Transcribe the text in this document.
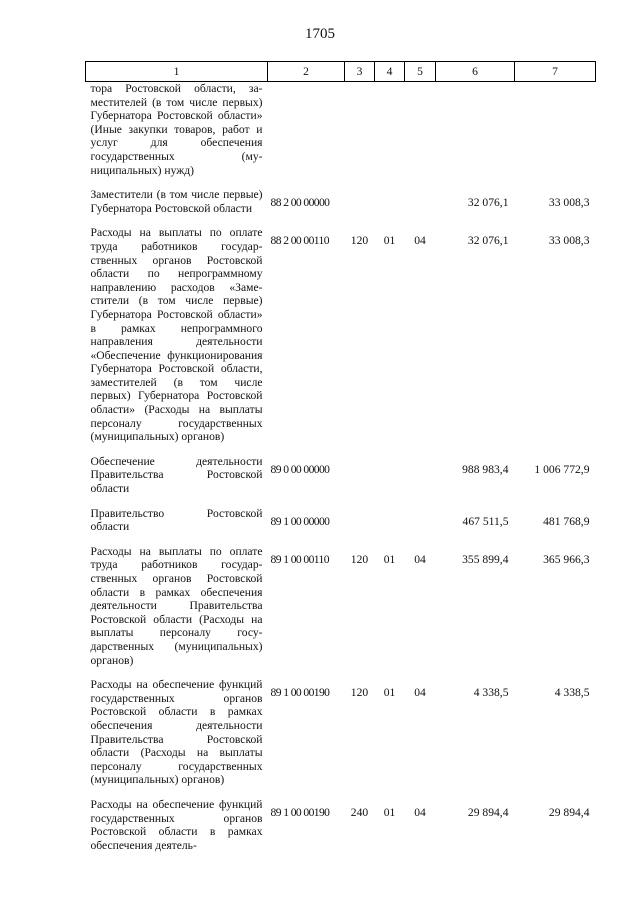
1705
1	2	3	4	5	6	7
тора Ростовской области, заместителей (в том числе первых) Губернатора Ростовской области» (Иные закупки товаров, работ и услуг для обеспечения государственных (муниципальных) нужд)						
Заместители (в том числе первые) Губернатора Ростовской области	88 2 00 00000				32 076,1	33 008,3
Расходы на выплаты по оплате труда работников государственных органов Ростовской области по непрограммному направлению расходов «Заместители (в том числе первые) Губернатора Ростовской области» в рамках непрограммного направления деятельности «Обеспечение функционирования Губернатора Ростовской области, заместителей (в том числе первых) Губернатора Ростовской области» (Расходы на выплаты персоналу государственных (муниципальных) органов)	88 2 00 00110	120	01	04	32 076,1	33 008,3
Обеспечение деятельности Правительства Ростовской области	89 0 00 00000				988 983,4	1 006 772,9
Правительство Ростовской области	89 1 00 00000				467 511,5	481 768,9
Расходы на выплаты по оплате труда работников государственных органов Ростовской области в рамках обеспечения деятельности Правительства Ростовской области (Расходы на выплаты персоналу государственных (муниципальных) органов)	89 1 00 00110	120	01	04	355 899,4	365 966,3
Расходы на обеспечение функций государственных органов Ростовской области в рамках обеспечения деятельности Правительства Ростовской области (Расходы на выплаты персоналу государственных (муниципальных) органов)	89 1 00 00190	120	01	04	4 338,5	4 338,5
Расходы на обеспечение функций государственных органов Ростовской области в рамках обеспечения деятель-	89 1 00 00190	240	01	04	29 894,4	29 894,4
